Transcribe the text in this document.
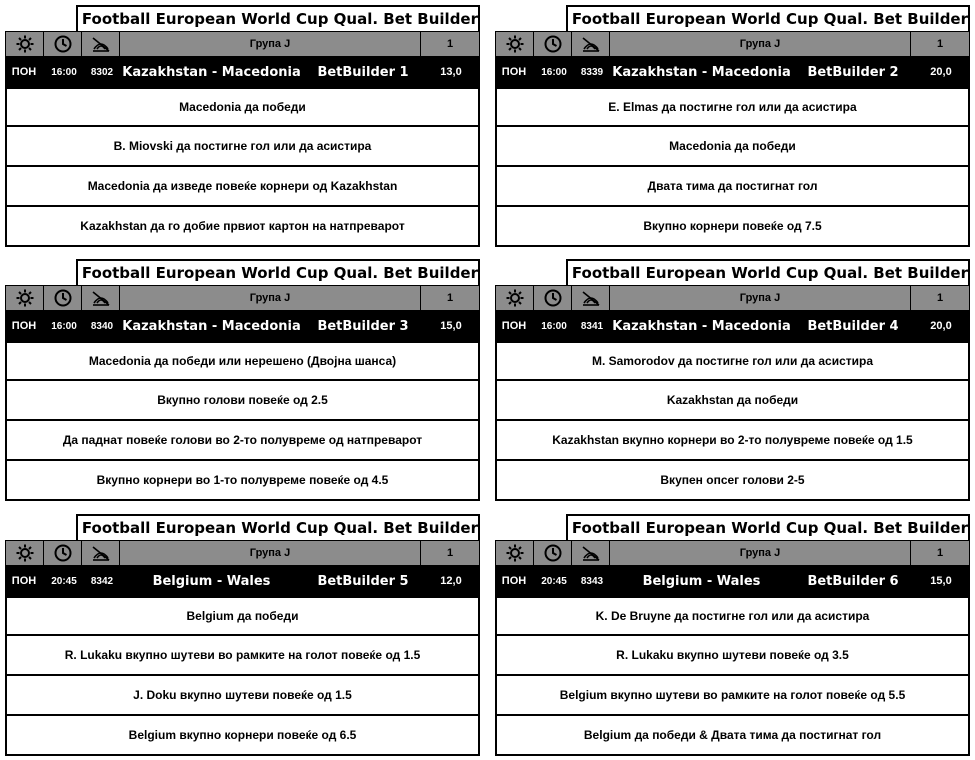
Football European World Cup Qual. Bet Builder
Група J	1
ПОН	16:00	8302 Kazakhstan - Macedonia	BetBuilder 1	13,0
Macedonia да победи
B. Miovski да постигне гол или да асистира
Macedonia да изведе повеќе корнери од Kazakhstan
Kazakhstan да го добие првиот картон на натпреварот
Football European World Cup Qual. Bet Builder
Група J	1
ПОН	16:00	8339 Kazakhstan - Macedonia	BetBuilder 2	20,0
E. Elmas да постигне гол или да асистира
Macedonia да победи
Двата тима да постигнат гол
Вкупно корнери повеќе од 7.5
Football European World Cup Qual. Bet Builder
Група J	1
ПОН	16:00	8340 Kazakhstan - Macedonia	BetBuilder 3	15,0
Macedonia да победи или нерешено (Двојна шанса)
Вкупно голови повеќе од 2.5
Да паднат повеќе голови во 2-то полувреме од натпреварот
Вкупно корнери во 1-то полувреме повеќе од 4.5
Football European World Cup Qual. Bet Builder
Група J	1
ПОН	16:00	8341 Kazakhstan - Macedonia	BetBuilder 4	20,0
M. Samorodov да постигне гол или да асистира
Kazakhstan да победи
Kazakhstan вкупно корнери во 2-то полувреме повеќе од 1.5
Вкупен опсег голови 2-5
Football European World Cup Qual. Bet Builder
Група J	1
ПОН	20:45	8342	Belgium - Wales	BetBuilder 5	12,0
Belgium да победи
R. Lukaku вкупно шутеви во рамките на голот повеќе од 1.5
J. Doku вкупно шутеви повеќе од 1.5
Belgium вкупно корнери повеќе од 6.5
Football European World Cup Qual. Bet Builder
Група J	1
ПОН	20:45	8343	Belgium - Wales	BetBuilder 6	15,0
K. De Bruyne да постигне гол или да асистира
R. Lukaku вкупно шутеви повеќе од 3.5
Belgium вкупно шутеви во рамките на голот повеќе од 5.5
Belgium да победи & Двата тима да постигнат гол
